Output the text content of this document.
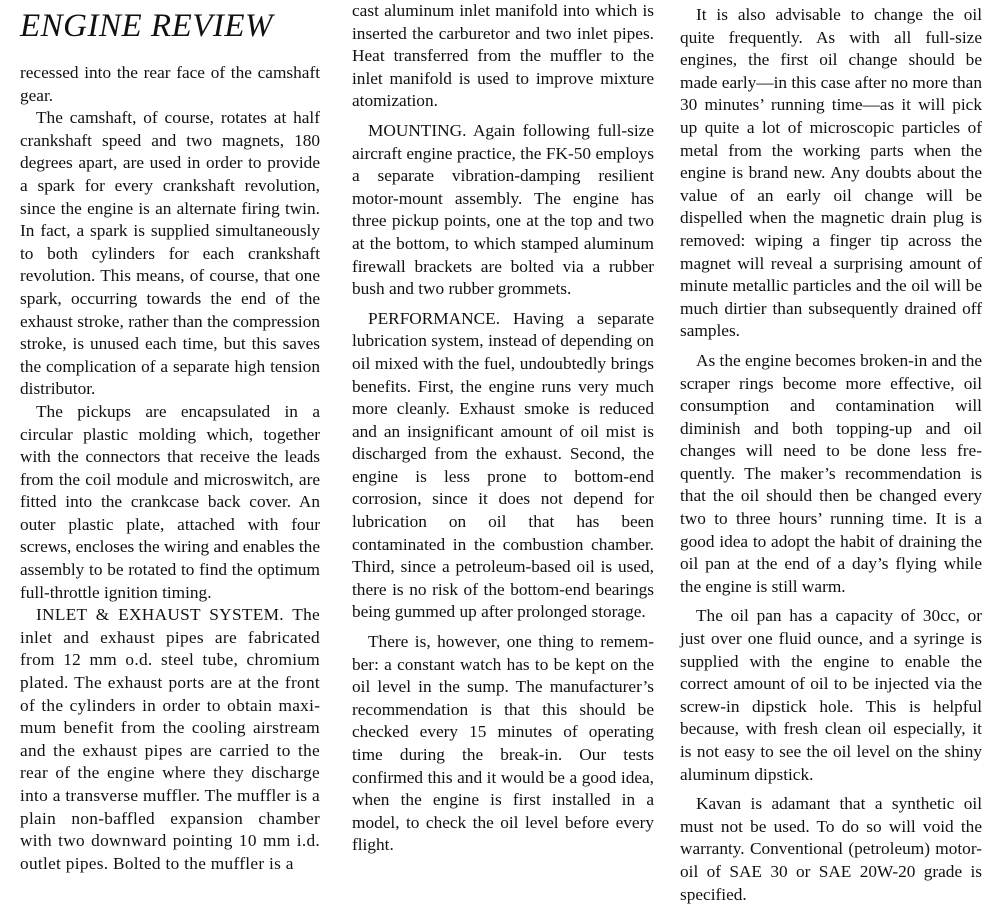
ENGINE REVIEW

recessed into the rear face of the camshaft gear.

The camshaft, of course, rotates at half crankshaft speed and two magnets, 180 degrees apart, are used in order to provide a spark for every crankshaft revolution, since the engine is an alternate firing twin. In fact, a spark is supplied simultaneously to both cylinders for each crankshaft revolution. This means, of course, that one spark, occurring towards the end of the exhaust stroke, rather than the compression stroke, is unused each time, but this saves the complication of a separate high tension distributor.

The pickups are encapsulated in a circular plastic molding which, together with the connectors that receive the leads from the coil module and microswitch, are fitted into the crankcase back cover. An outer plastic plate, attached with four screws, encloses the wiring and enables the assembly to be rotated to find the optimum full-throttle ignition timing.

INLET & EXHAUST SYSTEM. The inlet and exhaust pipes are fabricated from 12 mm o.d. steel tube, chromium plated. The exhaust ports are at the front of the cylinders in order to obtain maximum benefit from the cooling airstream and the exhaust pipes are carried to the rear of the engine where they discharge into a transverse muffler. The muffler is a plain non-baffled expansion chamber with two downward pointing 10 mm i.d. outlet pipes. Bolted to the muffler is a

cast aluminum inlet manifold into which is inserted the carburetor and two inlet pipes. Heat transferred from the muffler to the inlet manifold is used to improve mixture atomization.

MOUNTING. Again following full-size aircraft engine practice, the FK-50 employs a separate vibration-damping resilient motor-mount assembly. The engine has three pickup points, one at the top and two at the bottom, to which stamped aluminum firewall brackets are bolted via a rubber bush and two rubber grommets.

PERFORMANCE. Having a separate lubrication system, instead of depending on oil mixed with the fuel, undoubtedly brings benefits. First, the engine runs very much more cleanly. Exhaust smoke is reduced and an insignificant amount of oil mist is discharged from the exhaust. Second, the engine is less prone to bottom-end corrosion, since it does not depend for lubrication on oil that has been contaminated in the combustion chamber. Third, since a petroleum-based oil is used, there is no risk of the bottom-end bearings being gummed up after prolonged storage.

There is, however, one thing to remember: a constant watch has to be kept on the oil level in the sump. The manufacturer’s recommendation is that this should be checked every 15 minutes of operating time during the break-in. Our tests confirmed this and it would be a good idea, when the engine is first installed in a model, to check the oil level before every flight.

It is also advisable to change the oil quite frequently. As with all full-size engines, the first oil change should be made early—in this case after no more than 30 minutes’ running time—as it will pick up quite a lot of microscopic particles of metal from the working parts when the engine is brand new. Any doubts about the value of an early oil change will be dispelled when the magnetic drain plug is removed: wiping a finger tip across the magnet will reveal a surprising amount of minute metallic particles and the oil will be much dirtier than subsequently drained off samples.

As the engine becomes broken-in and the scraper rings become more effective, oil consumption and contamination will diminish and both topping-up and oil changes will need to be done less frequently. The maker’s recommendation is that the oil should then be changed every two to three hours’ running time. It is a good idea to adopt the habit of draining the oil pan at the end of a day’s flying while the engine is still warm.

The oil pan has a capacity of 30cc, or just over one fluid ounce, and a syringe is supplied with the engine to enable the correct amount of oil to be injected via the screw-in dipstick hole. This is helpful because, with fresh clean oil especially, it is not easy to see the oil level on the shiny aluminum dipstick.

Kavan is adamant that a synthetic oil must not be used. To do so will void the warranty. Conventional (petroleum) motor-oil of SAE 30 or SAE 20W-20 grade is specified.
